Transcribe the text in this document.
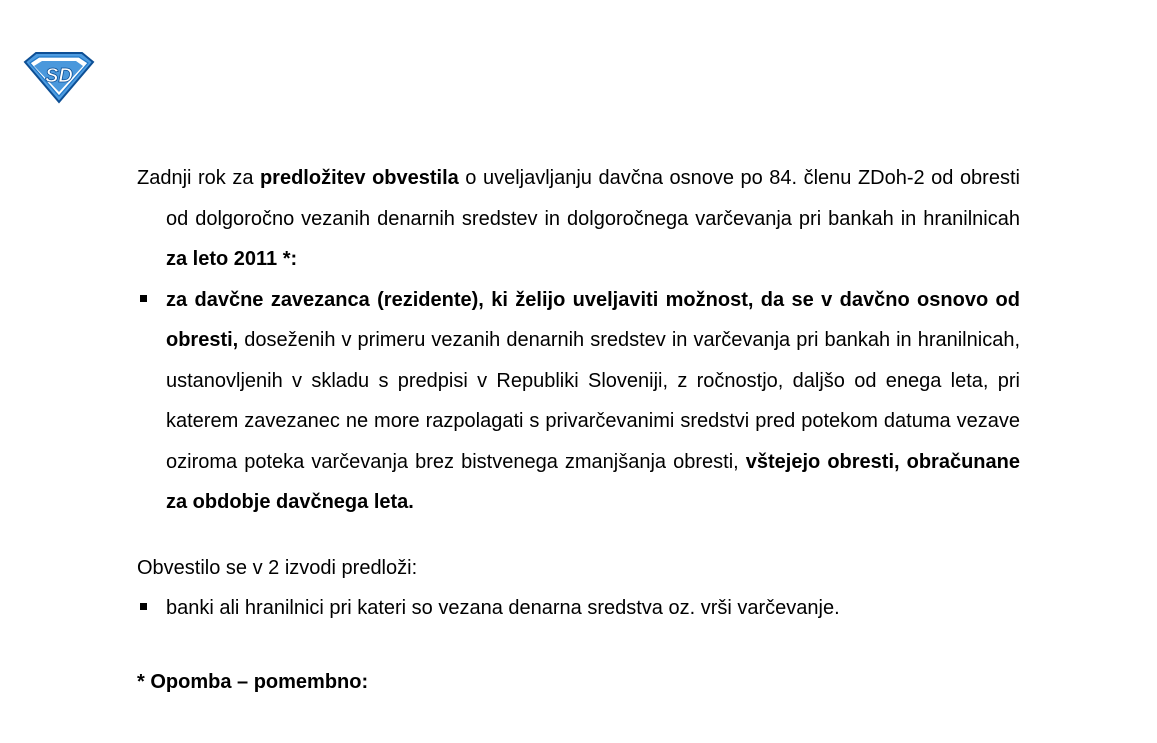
SD

Zadnji rok za predložitev obvestila o uveljavljanju davčna osnove po 84. členu ZDoh-2 od obresti od dolgoročno vezanih denarnih sredstev in dolgoročnega varčevanja pri bankah in hranilnicah za leto 2011 *:

za davčne zavezanca (rezidente), ki želijo uveljaviti možnost, da se v davčno osnovo od obresti, doseženih v primeru vezanih denarnih sredstev in varčevanja pri bankah in hranilnicah, ustanovljenih v skladu s predpisi v Republiki Sloveniji, z ročnostjo, daljšo od enega leta, pri katerem zavezanec ne more razpolagati s privarčevanimi sredstvi pred potekom datuma vezave oziroma poteka varčevanja brez bistvenega zmanjšanja obresti, vštejejo obresti, obračunane za obdobje davčnega leta.

Obvestilo se v 2 izvodi predloži:

banki ali hranilnici pri kateri so vezana denarna sredstva oz. vrši varčevanje.

* Opomba – pomembno:
